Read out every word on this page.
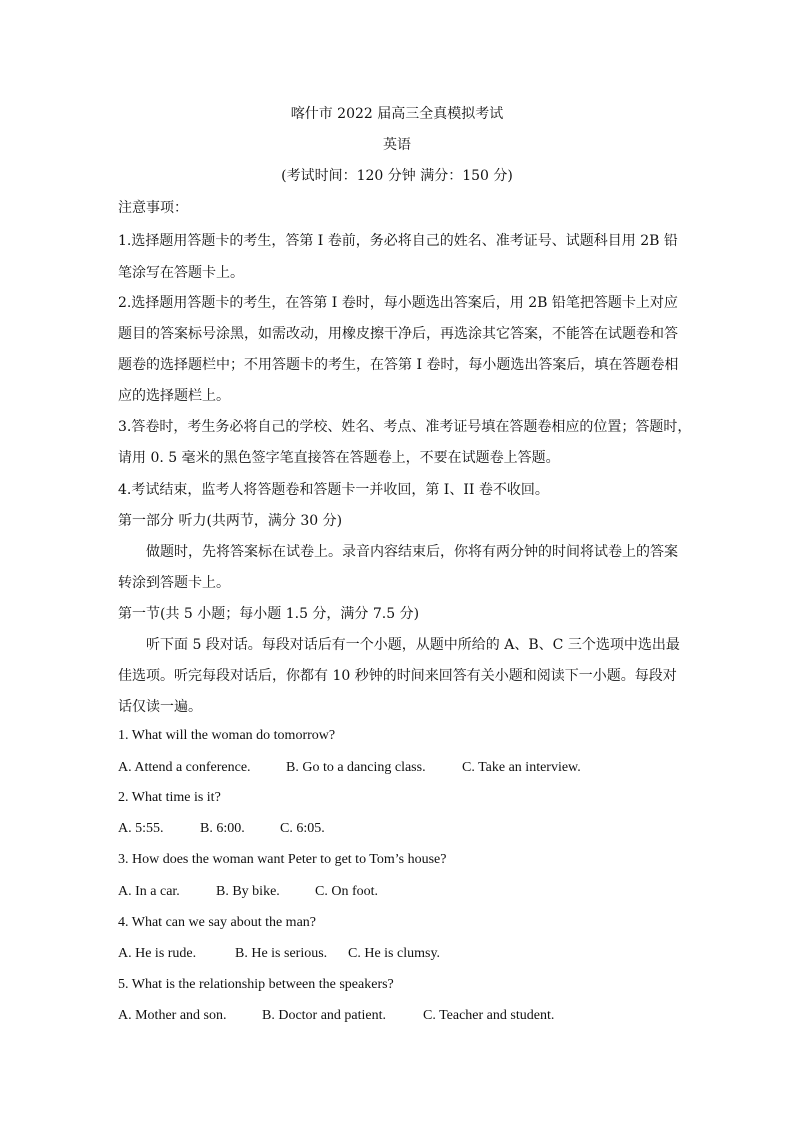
喀什市 2022 届高三全真模拟考试
英语
(考试时间：120 分钟 满分：150 分)
注意事项：
1.选择题用答题卡的考生，答第 I 卷前，务必将自己的姓名、准考证号、试题科目用 2B 铅
笔涂写在答题卡上。
2.选择题用答题卡的考生，在答第 I 卷时，每小题选出答案后，用 2B 铅笔把答题卡上对应
题目的答案标号涂黑，如需改动，用橡皮擦干净后，再选涂其它答案，不能答在试题卷和答
题卷的选择题栏中；不用答题卡的考生，在答第 I 卷时，每小题选出答案后，填在答题卷相
应的选择题栏上。
3.答卷时，考生务必将自己的学校、姓名、考点、准考证号填在答题卷相应的位置；答题时，
请用 0. 5 毫米的黑色签字笔直接答在答题卷上，不要在试题卷上答题。
4.考试结束，监考人将答题卷和答题卡一并收回，第 I、II 卷不收回。
第一部分 听力(共两节，满分 30 分)
做题时，先将答案标在试卷上。录音内容结束后，你将有两分钟的时间将试卷上的答案
转涂到答题卡上。
第一节(共 5 小题；每小题 1.5 分，满分 7.5 分)
听下面 5 段对话。每段对话后有一个小题，从题中所给的 A、B、C 三个选项中选出最
佳选项。听完每段对话后，你都有 10 秒钟的时间来回答有关小题和阅读下一小题。每段对
话仅读一遍。
1. What will the woman do tomorrow?
A. Attend a conference.	B. Go to a dancing class.	C. Take an interview.
2. What time is it?
A. 5:55.	B. 6:00.	C. 6:05.
3. How does the woman want Peter to get to Tom’s house?
A. In a car.	B. By bike.	C. On foot.
4. What can we say about the man?
A. He is rude.	B. He is serious. C. He is clumsy.
5. What is the relationship between the speakers?
A. Mother and son.	B. Doctor and patient.	C. Teacher and student.
